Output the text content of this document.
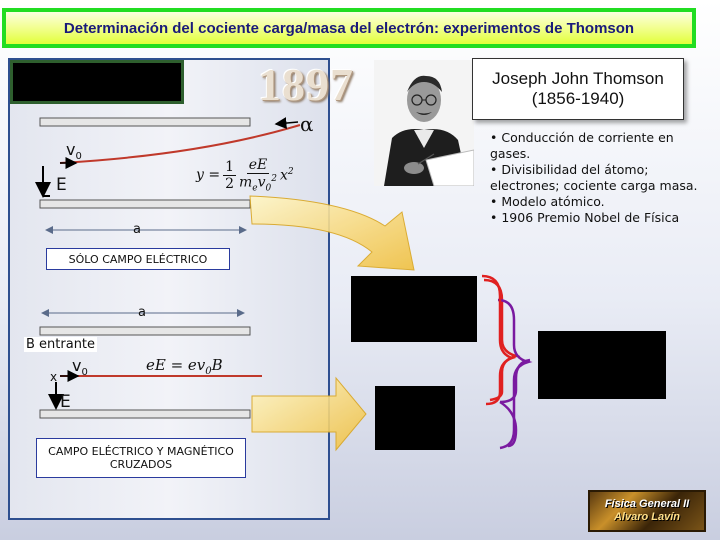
Determinación del cociente carga/masa del electrón: experimentos de Thomson
1897	Joseph John Thomson
(1856-1940)
• Conducción de corriente en gases.
• Divisibilidad del átomo; electrones; cociente carga masa.
• Modelo atómico.
• 1906 Premio Nobel de Física
α
$v_0$
E
a
$y = \frac{1}{2}$ eE
$m_ev_0^2$ $x^2$
SÓLO CAMPO ELÉCTRICO
a
B entrante
x
$v_0$
E
eE = $ev_0B$
CAMPO ELÉCTRICO Y MAGNÉTICO CRUZADOS
Física General II
Alvaro Lavín
